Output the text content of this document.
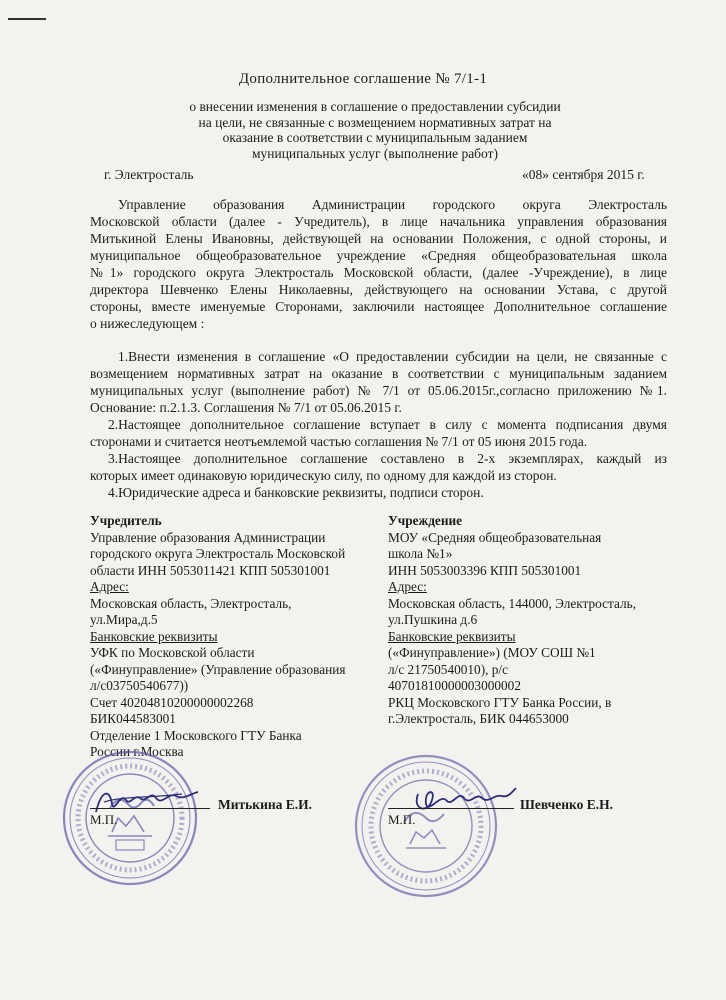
Дополнительное соглашение № 7/1-1
о внесении изменения в соглашение о предоставлении субсидии
на цели, не связанные с возмещением нормативных затрат на
оказание в соответствии с муниципальным заданием
муниципальных услуг (выполнение работ)
г. Электросталь	«08» сентября 2015 г.
Управление образования Администрации городского округа Электросталь
Московской области (далее - Учредитель), в лице начальника управления образования
Митькиной Елены Ивановны, действующей на основании Положения, с одной стороны, и
муниципальное общеобразовательное учреждение «Средняя общеобразовательная школа
№1» городского округа Электросталь Московской области, (далее -Учреждение), в лице
директора Шевченко Елены Николаевны, действующего на основании Устава, с другой
стороны, вместе именуемые Сторонами, заключили настоящее Дополнительное соглашение
о нижеследующем :
1.Внести изменения в соглашение «О предоставлении субсидии на цели, не связанные с
возмещением нормативных затрат на оказание в соответствии с муниципальным заданием
муниципальных услуг (выполнение работ) № 7/1 от 05.06.2015г.,согласно приложению №1.
Основание: п.2.1.3. Соглашения № 7/1 от 05.06.2015 г.
2.Настоящее дополнительное соглашение вступает в силу с момента подписания двумя
сторонами и считается неотъемлемой частью соглашения № 7/1 от 05 июня 2015 года.
3.Настоящее дополнительное соглашение составлено в 2-х экземплярах, каждый из
которых имеет одинаковую юридическую силу, по одному для каждой из сторон.
4.Юридические адреса и банковские реквизиты, подписи сторон.
Учредитель
Управление образования Администрации
городского округа Электросталь Московской
области ИНН 5053011421 КПП 505301001
Адрес:
Московская область, Электросталь,
ул.Мира,д.5
Банковские реквизиты
УФК по Московской области
(«Финуправление» (Управление образования
л/с03750540677))
Счет 40204810200000002268
БИК044583001
Отделение 1 Московского ГТУ Банка
России г.Москва
Учреждение
МОУ «Средняя общеобразовательная
школа №1»
ИНН 5053003396 КПП 505301001
Адрес:
Московская область, 144000, Электросталь,
ул.Пушкина д.6
Банковские реквизиты
(«Финуправление») (МОУ СОШ №1
л/с 21750540010), р/с
40701810000003000002
РКЦ Московского ГТУ Банка России, в
г.Электросталь, БИК 044653000
Митькина Е.И.
М.П.
Шевченко Е.Н.
М.П.
